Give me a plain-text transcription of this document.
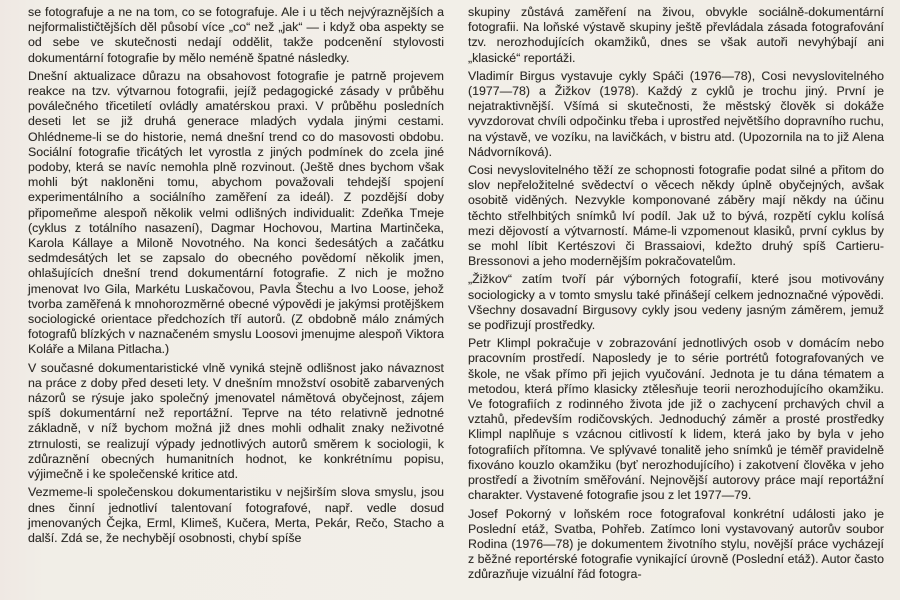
se fotografuje a ne na tom, co se fotografuje. Ale i u těch nejvýraznějších a nejformalističtějších děl působí více „co“ než „jak“ — i když oba aspekty se od sebe ve skutečnosti nedají oddělit, takže podcenění stylovosti dokumentární fotografie by mělo neméně špatné následky.

Dnešní aktualizace důrazu na obsahovost fotografie je patrně projevem reakce na tzv. výtvarnou fotografii, jejíž pedagogické zásady v průběhu poválečného třicetiletí ovládly amatérskou praxi. V průběhu posledních deseti let se již druhá generace mladých vydala jinými cestami. Ohlédneme-li se do historie, nemá dnešní trend co do masovosti obdobu. Sociální fotografie třicátých let vyrostla z jiných podmínek do zcela jiné podoby, která se navíc nemohla plně rozvinout. (Ještě dnes bychom však mohli být nakloněni tomu, abychom považovali tehdejší spojení experimentálního a sociálního zaměření za ideál). Z pozdější doby připomeňme alespoň několik velmi odlišných individualit: Zdeňka Tmeje (cyklus z totálního nasazení), Dagmar Hochovou, Martina Martinčeka, Karola Kállaye a Miloně Novotného. Na konci šedesátých a začátku sedmdesátých let se zapsalo do obecného povědomí několik jmen, ohlašujících dnešní trend dokumentární fotografie. Z nich je možno jmenovat Ivo Gila, Markétu Luskačovou, Pavla Štechu a Ivo Loose, jehož tvorba zaměřená k mnohorozměrné obecné výpovědi je jakýmsi protějškem sociologické orientace předchozích tří autorů. (Z obdobně málo známých fotografů blízkých v naznačeném smyslu Loosovi jmenujme alespoň Viktora Koláře a Milana Pitlacha.)

V současné dokumentaristické vlně vyniká stejně odlišnost jako návaznost na práce z doby před deseti lety. V dnešním množství osobitě zabarvených názorů se rýsuje jako společný jmenovatel námětová obyčejnost, zájem spíš dokumentární než reportážní. Teprve na této relativně jednotné základně, v níž bychom možná již dnes mohli odhalit znaky neživotné ztrnulosti, se realizují výpady jednotlivých autorů směrem k sociologii, k zdůraznění obecných humanitních hodnot, ke konkrétnímu popisu, výjimečně i ke společenské kritice atd.

Vezmeme-li společenskou dokumentaristiku v nejširším slova smyslu, jsou dnes činní jednotliví talentovaní fotografové, např. vedle dosud jmenovaných Čejka, Erml, Klimeš, Kučera, Merta, Pekár, Rečo, Stacho a další. Zdá se, že nechybějí osobnosti, chybí spíše

skupiny zůstává zaměření na živou, obvykle sociálně-dokumentární fotografii. Na loňské výstavě skupiny ještě převládala zásada fotografování tzv. nerozhodujících okamžiků, dnes se však autoři nevyhýbají ani „klasické“ reportáži.

Vladimír Birgus vystavuje cykly Spáči (1976—78), Cosi nevyslovitelného (1977—78) a Žižkov (1978). Každý z cyklů je trochu jiný. První je nejatraktivnější. Všímá si skutečnosti, že městský člověk si dokáže vyvzdorovat chvíli odpočinku třeba i uprostřed největšího dopravního ruchu, na výstavě, ve vozíku, na lavičkách, v bistru atd. (Upozornila na to již Alena Nádvorníková).

Cosi nevyslovitelného těží ze schopnosti fotografie podat silné a přitom do slov nepřeložitelné svědectví o věcech někdy úplně obyčejných, avšak osobitě viděných. Nezvykle komponované záběry mají někdy na účinu těchto střelhbitých snímků lví podíl. Jak už to bývá, rozpětí cyklu kolísá mezi dějovostí a výtvarností. Máme-li vzpomenout klasiků, první cyklus by se mohl líbit Kertészovi či Brassaiovi, kdežto druhý spíš Cartieru-Bressonovi a jeho modernějším pokračovatelům.

„Žižkov“ zatím tvoří pár výborných fotografií, které jsou motivovány sociologicky a v tomto smyslu také přinášejí celkem jednoznačné výpovědi. Všechny dosavadní Birgusovy cykly jsou vedeny jasným záměrem, jemuž se podřizují prostředky.

Petr Klimpl pokračuje v zobrazování jednotlivých osob v domácím nebo pracovním prostředí. Naposledy je to série portrétů fotografovaných ve škole, ne však přímo při jejich vyučování. Jednota je tu dána tématem a metodou, která přímo klasicky ztělesňuje teorii nerozhodujícího okamžiku. Ve fotografiích z rodinného života jde již o zachycení prchavých chvil a vztahů, především rodičovských. Jednoduchý záměr a prosté prostředky Klimpl naplňuje s vzácnou citlivostí k lidem, která jako by byla v jeho fotografiích přítomna. Ve splývavé tonalitě jeho snímků je téměř pravidelně fixováno kouzlo okamžiku (byť nerozhodujícího) i zakotvení člověka v jeho prostředí a životním směřování. Nejnovější autorovy práce mají reportážní charakter. Vystavené fotografie jsou z let 1977—79.

Josef Pokorný v loňském roce fotografoval konkrétní události jako je Poslední etáž, Svatba, Pohřeb. Zatímco loni vystavovaný autorův soubor Rodina (1976—78) je dokumentem životního stylu, novější práce vycházejí z běžné reportérské fotografie vynikající úrovně (Poslední etáž). Autor často zdůrazňuje vizuální řád fotogra-
